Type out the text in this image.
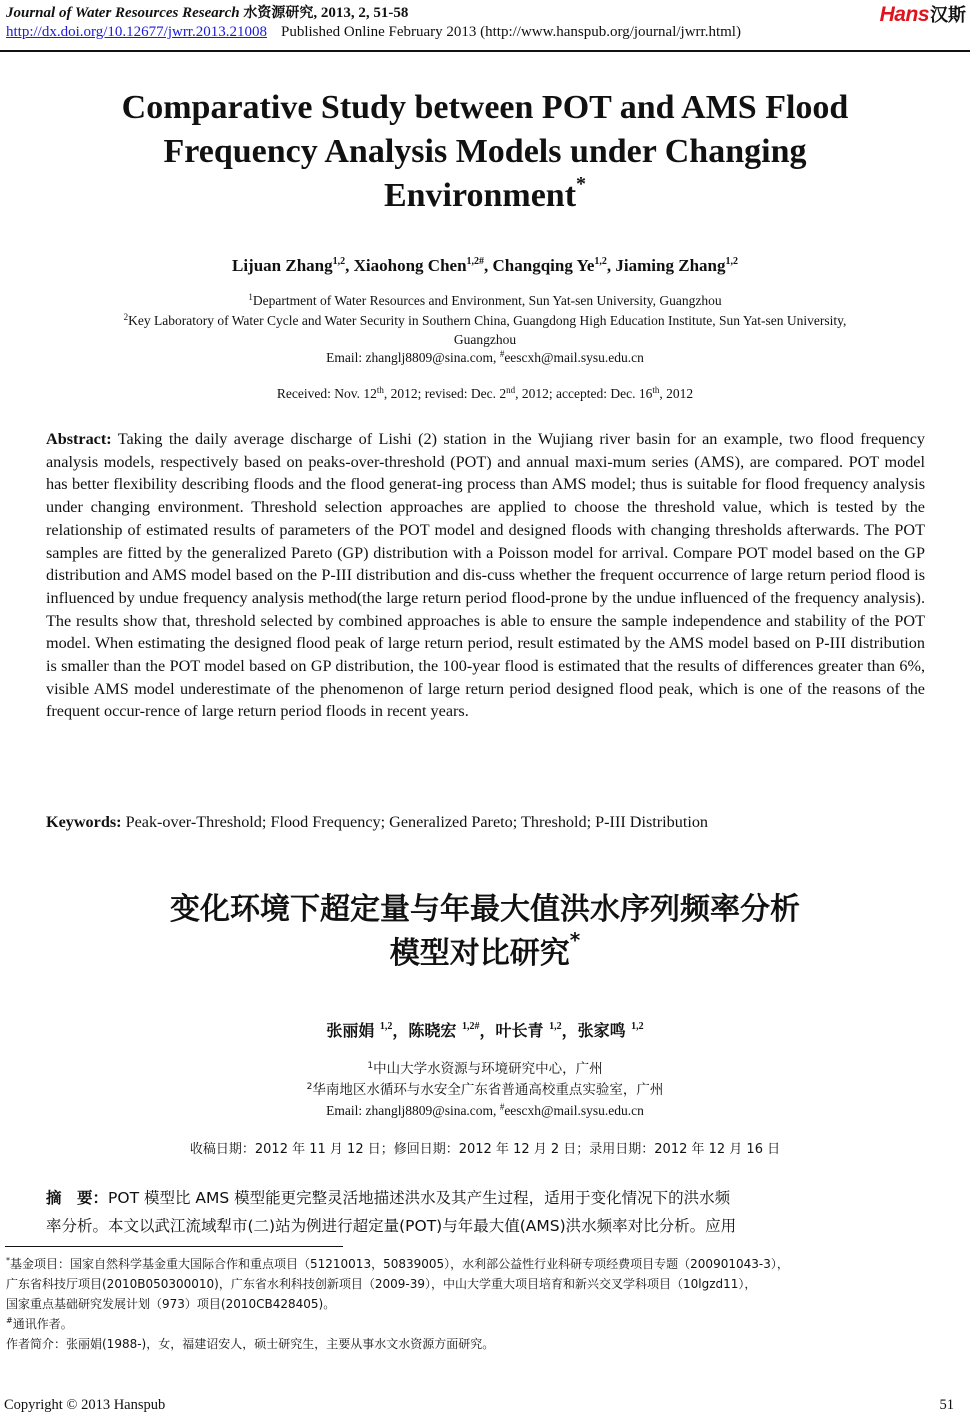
Journal of Water Resources Research 水资源研究, 2013, 2, 51-58
http://dx.doi.org/10.12677/jwrr.2013.21008 Published Online February 2013 (http://www.hanspub.org/journal/jwrr.html)
Hans汉斯
Comparative Study between POT and AMS Flood Frequency Analysis Models under Changing Environment*
Lijuan Zhang$^{1,2}$, Xiaohong Chen$^{1,2\#}$, Changqing Ye$^{1,2}$, Jiaming Zhang$^{1,2}$
$^1$Department of Water Resources and Environment, Sun Yat-sen University, Guangzhou
$^2$Key Laboratory of Water Cycle and Water Security in Southern China, Guangdong High Education Institute, Sun Yat-sen University,
Guangzhou
Email: zhanglj8809@sina.com, #eescxh@mail.sysu.edu.cn
Received: Nov. 12th, 2012; revised: Dec. 2nd, 2012; accepted: Dec. 16th, 2012
Abstract: Taking the daily average discharge of Lishi (2) station in the Wujiang river basin for an example, two flood frequency analysis models, respectively based on peaks-over-threshold (POT) and annual maxi-mum series (AMS), are compared. POT model has better flexibility describing floods and the flood generat-ing process than AMS model; thus is suitable for flood frequency analysis under changing environment. Threshold selection approaches are applied to choose the threshold value, which is tested by the relationship of estimated results of parameters of the POT model and designed floods with changing thresholds afterwards. The POT samples are fitted by the generalized Pareto (GP) distribution with a Poisson model for arrival. Compare POT model based on the GP distribution and AMS model based on the P-III distribution and dis-cuss whether the frequent occurrence of large return period flood is influenced by undue frequency analysis method(the large return period flood-prone by the undue influenced of the frequency analysis). The results show that, threshold selected by combined approaches is able to ensure the sample independence and stability of the POT model. When estimating the designed flood peak of large return period, result estimated by the AMS model based on P-III distribution is smaller than the POT model based on GP distribution, the 100-year flood is estimated that the results of differences greater than 6%, visible AMS model underestimate of the phenomenon of large return period designed flood peak, which is one of the reasons of the frequent occur-rence of large return period floods in recent years.
Keywords: Peak-over-Threshold; Flood Frequency; Generalized Pareto; Threshold; P-III Distribution
变化环境下超定量与年最大值洪水序列频率分析
模型对比研究*
张丽娟 $^{1,2}$，陈晓宏 $^{1,2\#}$，叶长青 $^{1,2}$，张家鸣 $^{1,2}$
$^1$中山大学水资源与环境研究中心，广州
$^2$华南地区水循环与水安全广东省普通高校重点实验室，广州
Email: zhanglj8809@sina.com, #eescxh@mail.sysu.edu.cn
收稿日期：2012 年 11 月 12 日；修回日期：2012 年 12 月 2 日；录用日期：2012 年 12 月 16 日
摘　要：POT 模型比 AMS 模型能更完整灵活地描述洪水及其产生过程，适用于变化情况下的洪水频
率分析。本文以武江流域犁市(二)站为例进行超定量(POT)与年最大值(AMS)洪水频率对比分析。应用
*基金项目：国家自然科学基金重大国际合作和重点项目（51210013，50839005），水利部公益性行业科研专项经费项目专题（200901043-3），
广东省科技厅项目(2010B050300010)，广东省水利科技创新项目（2009-39），中山大学重大项目培育和新兴交叉学科项目（10lgzd11），
国家重点基础研究发展计划（973）项目(2010CB428405)。
#通讯作者。
作者简介：张丽娟(1988-)，女，福建诏安人，硕士研究生，主要从事水文水资源方面研究。
Copyright © 2013 Hanspub	51
